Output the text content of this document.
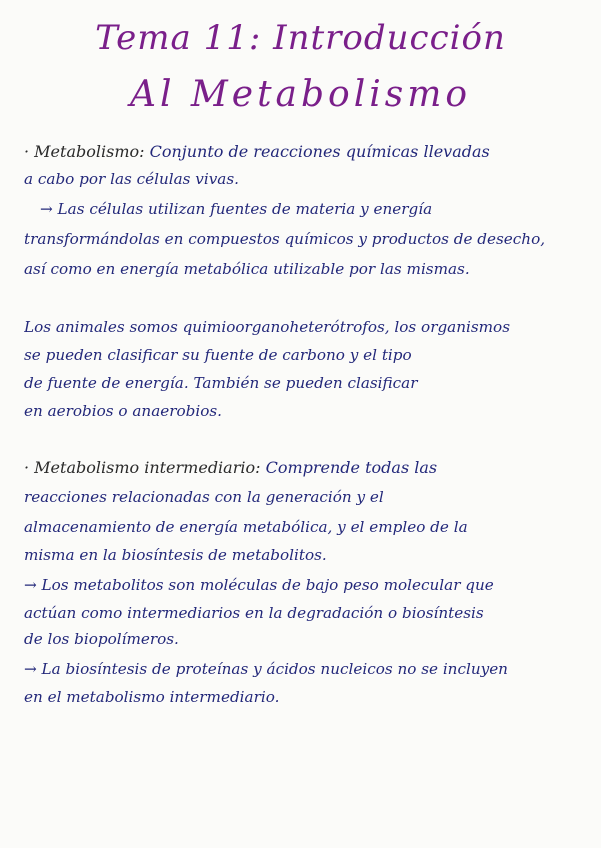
Tema 11: Introducción
Al Metabolismo
· Metabolismo: Conjunto de reacciones químicas llevadas
a cabo por las células vivas.
→ Las células utilizan fuentes de materia y energía
transformándolas en compuestos químicos y productos de desecho,
así como en energía metabólica utilizable por las mismas.
Los animales somos quimioorganoheterótrofos, los organismos
se pueden clasificar su fuente de carbono y el tipo
de fuente de energía. También se pueden clasificar
en aerobios o anaerobios.
· Metabolismo intermediario: Comprende todas las
reacciones relacionadas con la generación y el
almacenamiento de energía metabólica, y el empleo de la
misma en la biosíntesis de metabolitos.
→ Los metabolitos son moléculas de bajo peso molecular que
actúan como intermediarios en la degradación o biosíntesis
de los biopolímeros.
→ La biosíntesis de proteínas y ácidos nucleicos no se incluyen
en el metabolismo intermediario.
